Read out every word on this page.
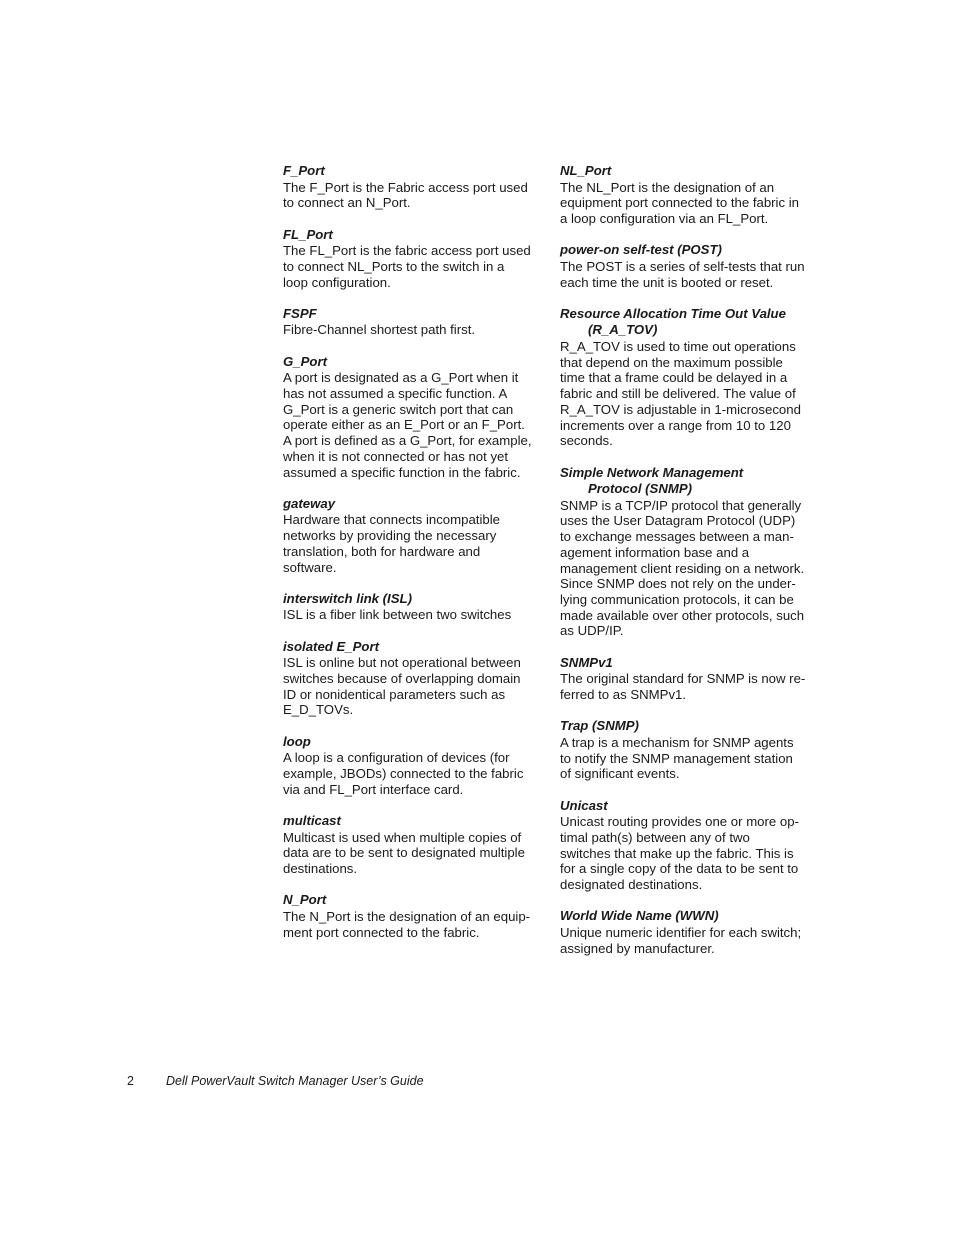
F_Port

The F_Port is the Fabric access port used
to connect an N_Port.

FL_Port

The FL_Port is the fabric access port used
to connect NL_Ports to the switch in a
loop configuration.

FSPF

Fibre-Channel shortest path first.

G_Port

A port is designated as a G_Port when it
has not assumed a specific function. A
G_Port is a generic switch port that can
operate either as an E_Port or an F_Port.
A port is defined as a G_Port, for example,
when it is not connected or has not yet
assumed a specific function in the fabric.

gateway

Hardware that connects incompatible
networks by providing the necessary
translation, both for hardware and
software.

interswitch link (ISL)

ISL is a fiber link between two switches

isolated E_Port

ISL is online but not operational between
switches because of overlapping domain
ID or nonidentical parameters such as
E_D_TOVs.

loop

A loop is a configuration of devices (for
example, JBODs) connected to the fabric
via and FL_Port interface card.

multicast

Multicast is used when multiple copies of
data are to be sent to designated multiple
destinations.

N_Port

The N_Port is the designation of an equip-
ment port connected to the fabric.

NL_Port

The NL_Port is the designation of an
equipment port connected to the fabric in
a loop configuration via an FL_Port.

power-on self-test (POST)

The POST is a series of self-tests that run
each time the unit is booted or reset.

Resource Allocation Time Out Value
(R_A_TOV)

R_A_TOV is used to time out operations
that depend on the maximum possible
time that a frame could be delayed in a
fabric and still be delivered. The value of
R_A_TOV is adjustable in 1-microsecond
increments over a range from 10 to 120
seconds.

Simple Network Management
Protocol (SNMP)

SNMP is a TCP/IP protocol that generally
uses the User Datagram Protocol (UDP)
to exchange messages between a man-
agement information base and a
management client residing on a network.
Since SNMP does not rely on the under-
lying communication protocols, it can be
made available over other protocols, such
as UDP/IP.

SNMPv1

The original standard for SNMP is now re-
ferred to as SNMPv1.

Trap (SNMP)

A trap is a mechanism for SNMP agents
to notify the SNMP management station
of significant events.

Unicast

Unicast routing provides one or more op-
timal path(s) between any of two
switches that make up the fabric. This is
for a single copy of the data to be sent to
designated destinations.

World Wide Name (WWN)

Unique numeric identifier for each switch;
assigned by manufacturer.

2	Dell PowerVault Switch Manager User’s Guide
